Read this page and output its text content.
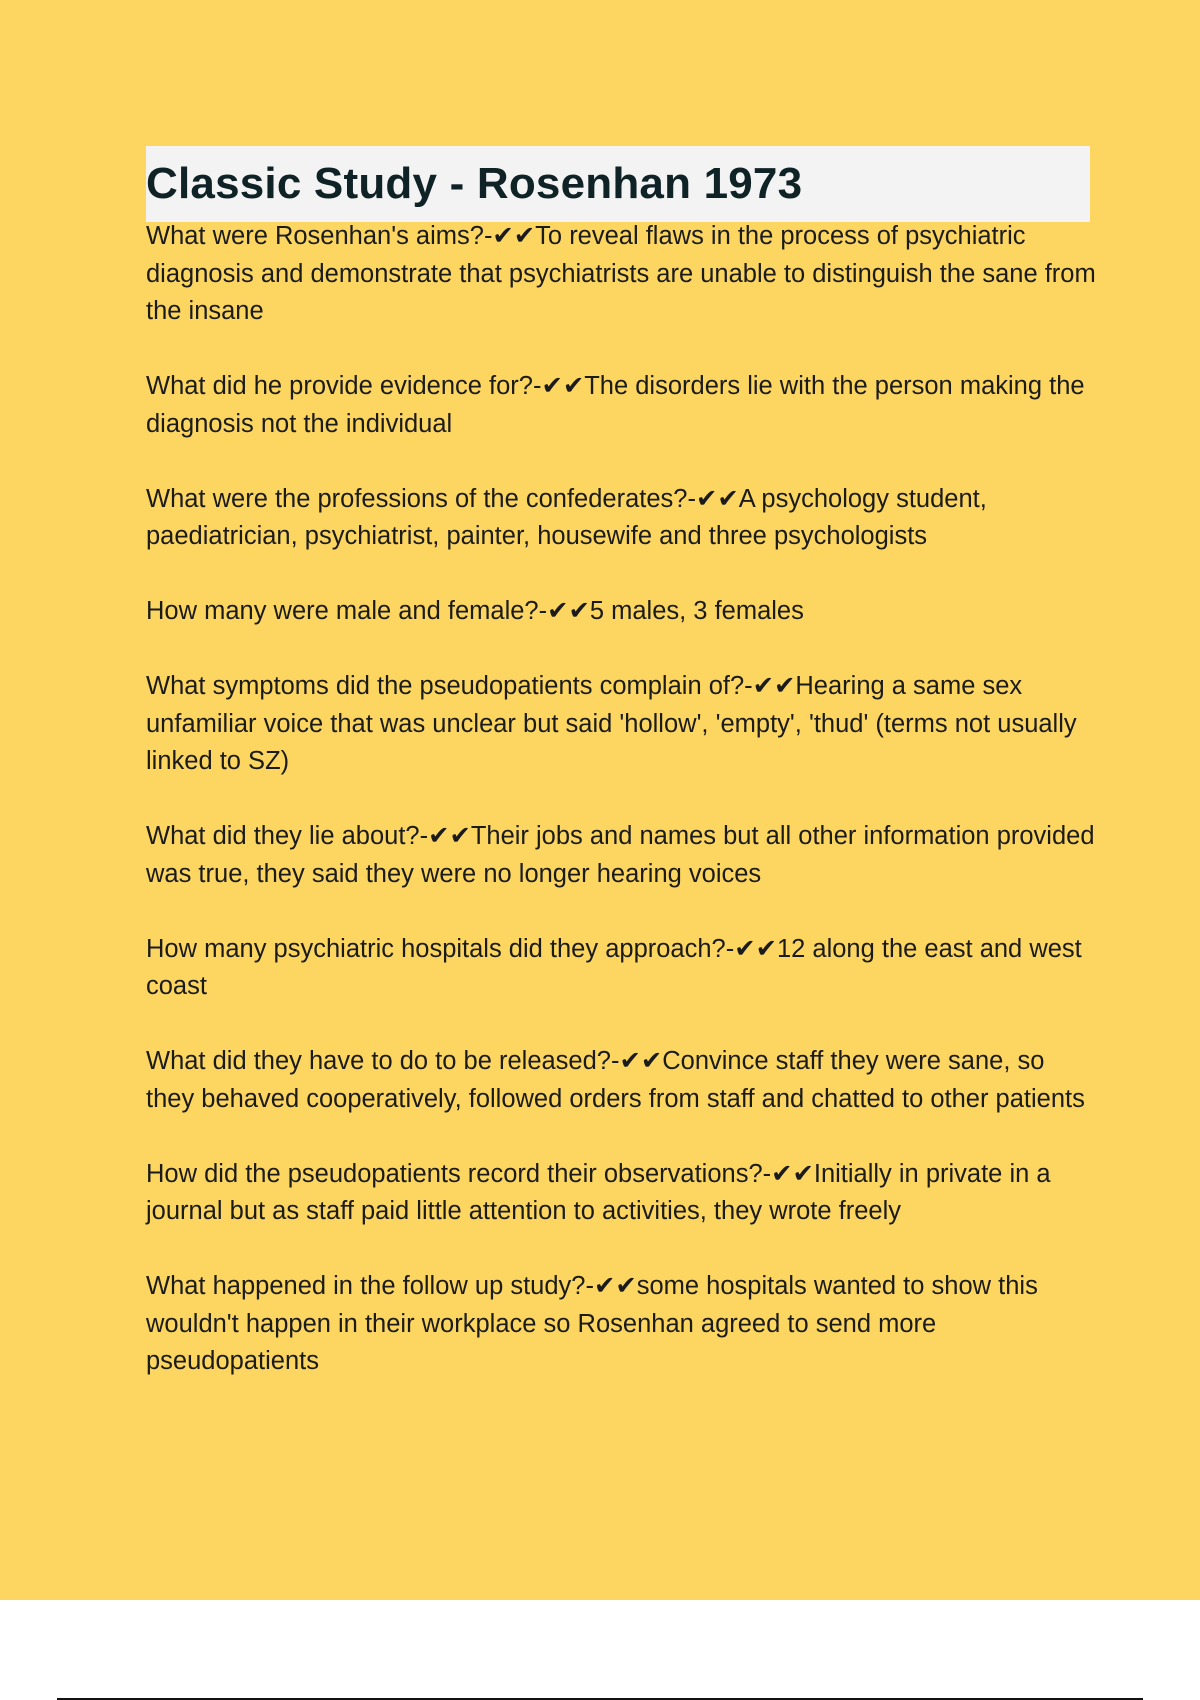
Classic Study - Rosenhan 1973

What were Rosenhan's aims?-✔✔To reveal flaws in the process of psychiatric diagnosis and demonstrate that psychiatrists are unable to distinguish the sane from the insane

What did he provide evidence for?-✔✔The disorders lie with the person making the diagnosis not the individual

What were the professions of the confederates?-✔✔A psychology student, paediatrician, psychiatrist, painter, housewife and three psychologists

How many were male and female?-✔✔5 males, 3 females

What symptoms did the pseudopatients complain of?-✔✔Hearing a same sex unfamiliar voice that was unclear but said 'hollow', 'empty', 'thud' (terms not usually linked to SZ)

What did they lie about?-✔✔Their jobs and names but all other information provided was true, they said they were no longer hearing voices

How many psychiatric hospitals did they approach?-✔✔12 along the east and west coast

What did they have to do to be released?-✔✔Convince staff they were sane, so they behaved cooperatively, followed orders from staff and chatted to other patients

How did the pseudopatients record their observations?-✔✔Initially in private in a journal but as staff paid little attention to activities, they wrote freely

What happened in the follow up study?-✔✔some hospitals wanted to show this wouldn't happen in their workplace so Rosenhan agreed to send more pseudopatients
